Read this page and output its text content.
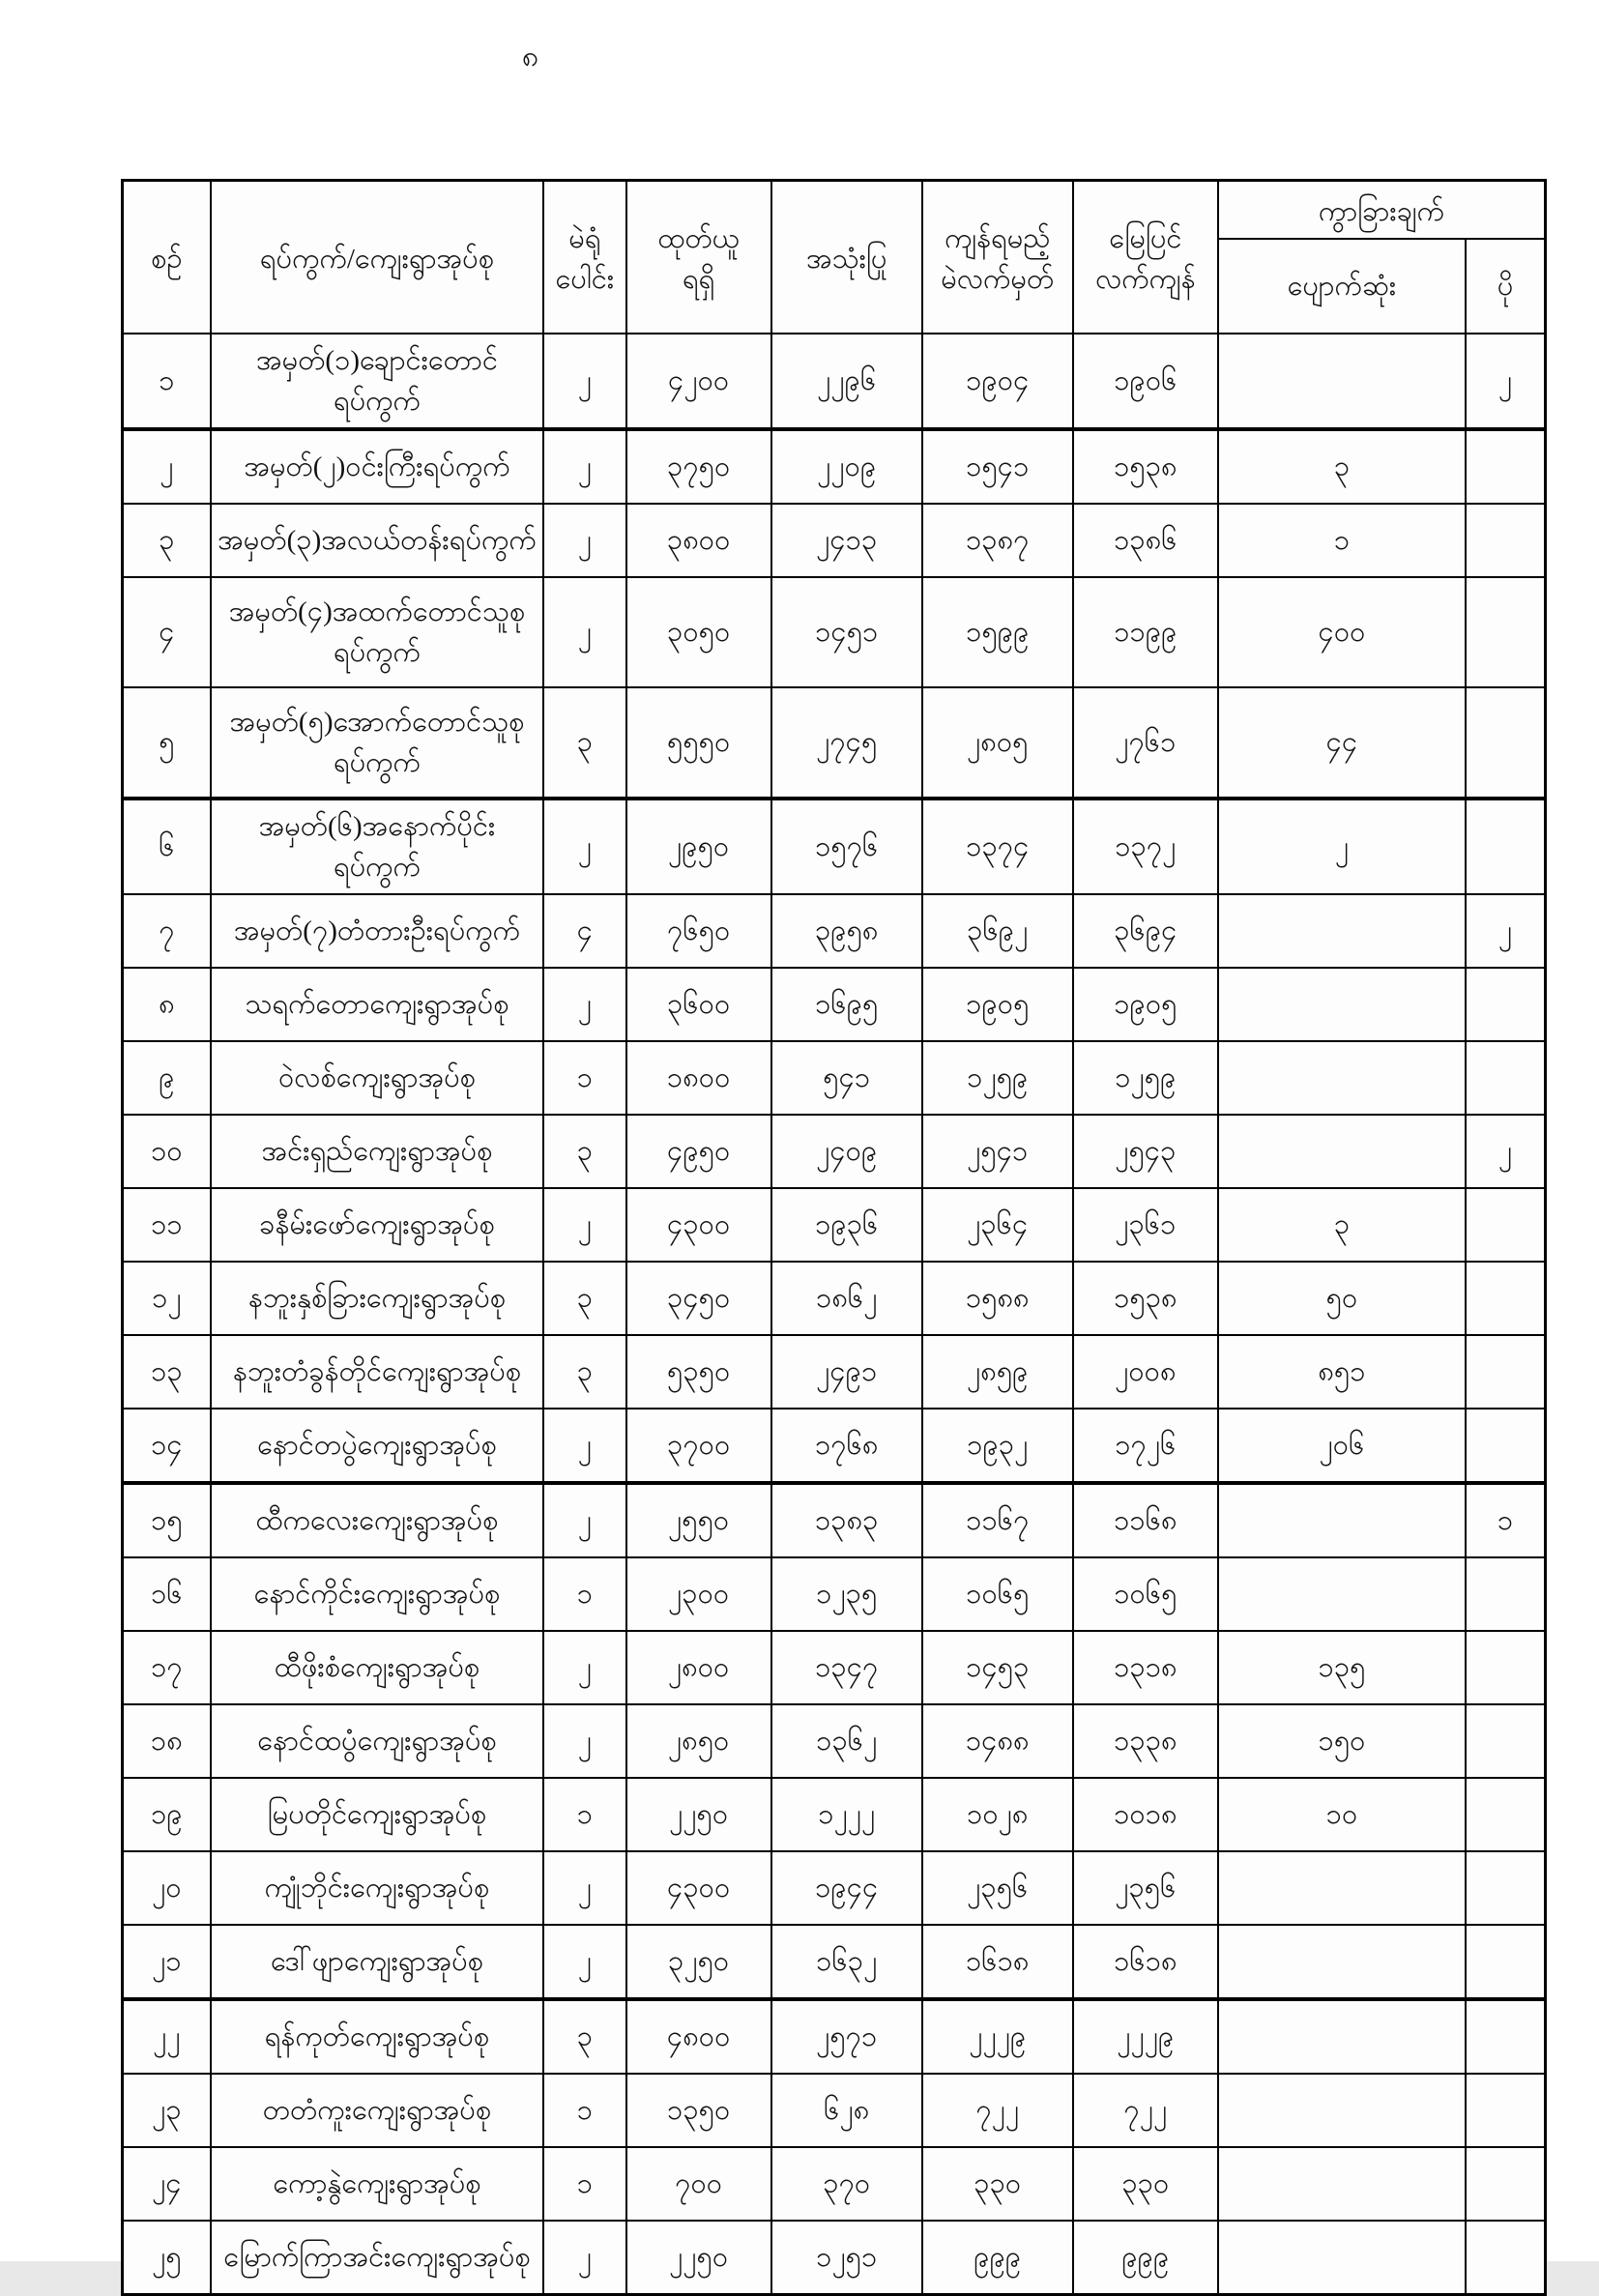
၈
စဉ်	ရပ်ကွက်/ကျေးရွာအုပ်စု	မဲရုံ
ပေါင်း	ထုတ်ယူ
ရရှိ	အသုံးပြု	ကျန်ရမည့်
မဲလက်မှတ်	မြေပြင်
လက်ကျန်	ကွာခြားချက်	
							ပျောက်ဆုံး	ပို
၁	အမှတ်(၁)ချောင်းတောင်ရပ်ကွက်	၂	၄၂၀၀	၂၂၉၆	၁၉၀၄	၁၉၀၆		၂
၂	အမှတ်(၂)ဝင်းကြီးရပ်ကွက်	၂	၃၇၅၀	၂၂၀၉	၁၅၄၁	၁၅၃၈	၃	
၃	အမှတ်(၃)အလယ်တန်းရပ်ကွက်	၂	၃၈၀၀	၂၄၁၃	၁၃၈၇	၁၃၈၆	၁	
၄	အမှတ်(၄)အထက်တောင်သူစု ရပ်ကွက်	၂	၃၀၅၀	၁၄၅၁	၁၅၉၉	၁၁၉၉	၄၀၀	
၅	အမှတ်(၅)အောက်တောင်သူစု ရပ်ကွက်	၃	၅၅၅၀	၂၇၄၅	၂၈၀၅	၂၇၆၁	၄၄	
၆	အမှတ်(၆)အနောက်ပိုင်းရပ်ကွက်	၂	၂၉၅၀	၁၅၇၆	၁၃၇၄	၁၃၇၂	၂	
၇	အမှတ်(၇)တံတားဦးရပ်ကွက်	၄	၇၆၅၀	၃၉၅၈	၃၆၉၂	၃၆၉၄		၂
၈	သရက်တောကျေးရွာအုပ်စု	၂	၃၆၀၀	၁၆၉၅	၁၉၀၅	၁၉၀၅		
၉	ဝဲလစ်ကျေးရွာအုပ်စု	၁	၁၈၀၀	၅၄၁	၁၂၅၉	၁၂၅၉		
၁၀	အင်းရှည်ကျေးရွာအုပ်စု	၃	၄၉၅၀	၂၄၀၉	၂၅၄၁	၂၅၄၃		၂
၁၁	ခနီမ်းဖော်ကျေးရွာအုပ်စု	၂	၄၃၀၀	၁၉၃၆	၂၃၆၄	၂၃၆၁	၃	
၁၂	နဘူးနှစ်ခြားကျေးရွာအုပ်စု	၃	၃၄၅၀	၁၈၆၂	၁၅၈၈	၁၅၃၈	၅၀	
၁၃	နဘူးတံခွန်တိုင်ကျေးရွာအုပ်စု	၃	၅၃၅၀	၂၄၉၁	၂၈၅၉	၂၀၀၈	၈၅၁	
၁၄	နောင်တပွဲကျေးရွာအုပ်စု	၂	၃၇၀၀	၁၇၆၈	၁၉၃၂	၁၇၂၆	၂၀၆	
၁၅	ထီကလေးကျေးရွာအုပ်စု	၂	၂၅၅၀	၁၃၈၃	၁၁၆၇	၁၁၆၈		၁
၁၆	နောင်ကိုင်းကျေးရွာအုပ်စု	၁	၂၃၀၀	၁၂၃၅	၁၀၆၅	၁၀၆၅		
၁၇	ထီဖိုးစံကျေးရွာအုပ်စု	၂	၂၈၀၀	၁၃၄၇	၁၄၅၃	၁၃၁၈	၁၃၅	
၁၈	နောင်ထပွံကျေးရွာအုပ်စု	၂	၂၈၅၀	၁၃၆၂	၁၄၈၈	၁၃၃၈	၁၅၀	
၁၉	မြပတိုင်ကျေးရွာအုပ်စု	၁	၂၂၅၀	၁၂၂၂	၁၀၂၈	၁၀၁၈	၁၀	
၂၀	ကျုံဘိုင်းကျေးရွာအုပ်စု	၂	၄၃၀၀	၁၉၄၄	၂၃၅၆	၂၃၅၆		
၂၁	ဒေါ်ဖျာကျေးရွာအုပ်စု	၂	၃၂၅၀	၁၆၃၂	၁၆၁၈	၁၆၁၈		
၂၂	ရန်ကုတ်ကျေးရွာအုပ်စု	၃	၄၈၀၀	၂၅၇၁	၂၂၂၉	၂၂၂၉		
၂၃	တတံကူးကျေးရွာအုပ်စု	၁	၁၃၅၀	၆၂၈	၇၂၂	၇၂၂		
၂၄	ကော့နွဲကျေးရွာအုပ်စု	၁	၇၀၀	၃၇၀	၃၃၀	၃၃၀		
၂၅	မြောက်ကြာအင်းကျေးရွာအုပ်စု	၂	၂၂၅၀	၁၂၅၁	၉၉၉	၉၉၉		
